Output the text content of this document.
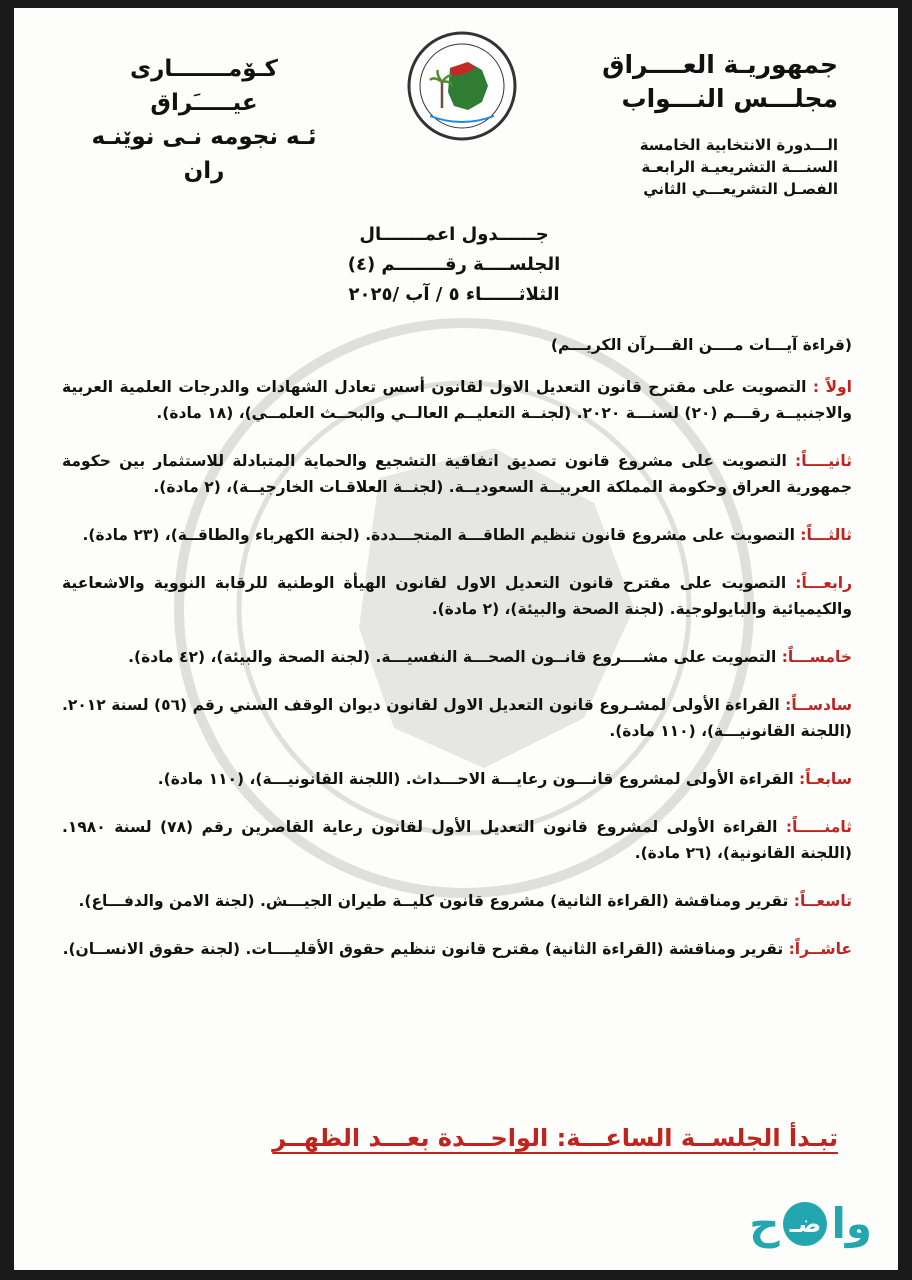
جمهوريـة العــــراق
مجلـــس النـــواب
الـــدورة الانتخابية الخامسة
السنـــة التشريعيـة الرابعـة
الفصـل التشريعـــي الثاني
كـۆمـــــــارى عيـــــَراق
ئـه نجومه نـى نوێنـه ران
جــــــدول اعمـــــــال
الجلســــة رقــــــــم (٤)
الثلاثــــــاء ٥ / آب /٢٠٢٥
(قراءة آيـــات مــــن القـــرآن الكريـــم)
اولاً : التصويت على مقترح قانون التعديل الاول لقانون أسس تعادل الشهادات والدرجات العلمية العربية والاجنبيــة رقـــم (٢٠) لسنـــة ٢٠٢٠. (لجنــة التعليــم العالــي والبحــث العلمــي)، (١٨ مادة).
ثانيــــاً: التصويت على مشروع قانون تصديق اتفاقية التشجيع والحماية المتبادلة للاستثمار بين حكومة جمهورية العراق وحكومة المملكة العربيــة السعوديــة. (لجنــة العلاقـات الخارجيــة)، (٢ مادة).
ثالثـــاً: التصويت على مشروع قانون تنظيم الطاقـــة المتجـــددة. (لجنة الكهرباء والطاقــة)، (٢٣ مادة).
رابعـــاً: التصويت على مقترح قانون التعديل الاول لقانون الهيأة الوطنية للرقابة النووية والاشعاعية والكيميائية والبايولوجية. (لجنة الصحة والبيئة)، (٢ مادة).
خامســـاً: التصويت على مشــــروع قانــون الصحـــة النفسيـــة. (لجنة الصحة والبيئة)، (٤٢ مادة).
سادســاً: القراءة الأولى لمشـروع قانون التعديل الاول لقانون ديوان الوقف السني رقم (٥٦) لسنة ٢٠١٢. (اللجنة القانونيـــة)، (١١٠ مادة).
سابعـاً: القراءة الأولى لمشروع قانـــون رعايـــة الاحـــداث. (اللجنة القانونيـــة)، (١١٠ مادة).
ثامنـــــاً: القراءة الأولى لمشروع قانون التعديل الأول لقانون رعاية القاصرين رقم (٧٨) لسنة ١٩٨٠. (اللجنة القانونية)، (٢٦ مادة).
تاسعــاً: تقرير ومناقشة (القراءة الثانية) مشروع قانون كليــة طيران الجيـــش. (لجنة الامن والدفـــاع).
عاشــراً: تقرير ومناقشة (القراءة الثانية) مقترح قانون تنظيم حقوق الأقليــــات. (لجنة حقوق الانســان).
تبـدأ الجلســة الساعـــة: الواحـــدة بعـــد الظهــر
وا
ضـ
ح
